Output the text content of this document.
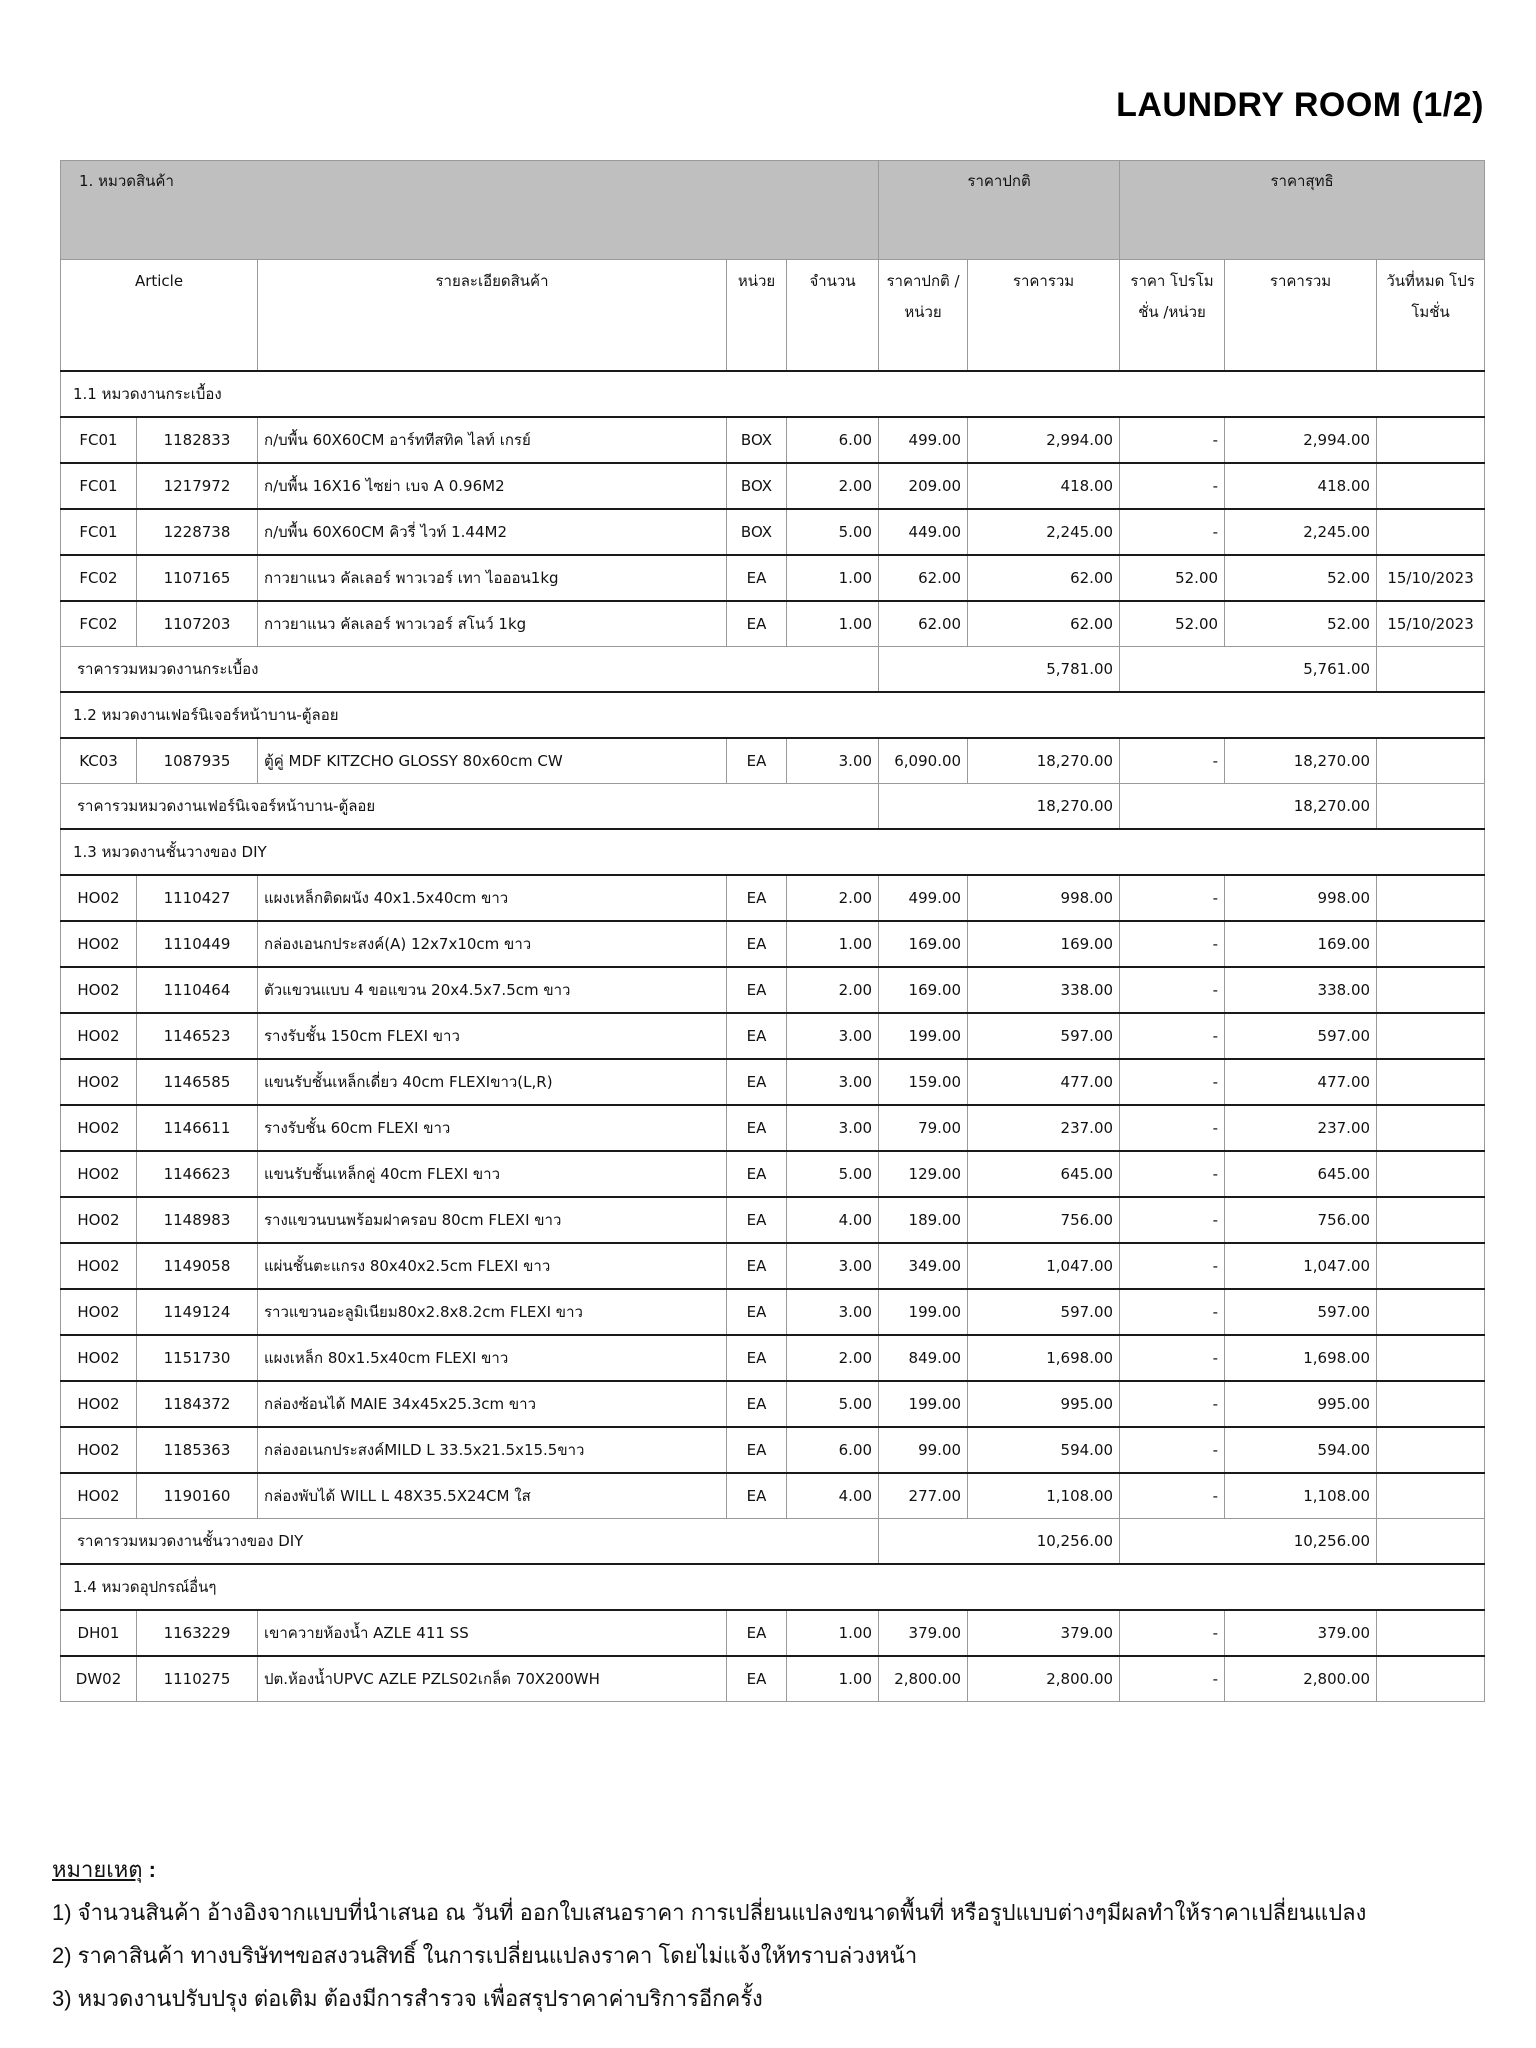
LAUNDRY ROOM (1/2)
1. หมวดสินค้า					ราคาปกติ		ราคาสุทธิ		
Article		รายละเอียดสินค้า	หน่วย	จำนวน	ราคาปกติ /หน่วย	ราคารวม	ราคา โปรโมชั่น /หน่วย	ราคารวม	วันที่หมด โปรโมชั่น
1.1 หมวดงานกระเบื้อง									
FC01	1182833	ก/บพื้น 60X60CM อาร์ททีสทิค ไลท์ เกรย์	BOX	6.00	499.00	2,994.00	-	2,994.00	
FC01	1217972	ก/บพื้น 16X16 ไซย่า เบจ A 0.96M2	BOX	2.00	209.00	418.00	-	418.00	
FC01	1228738	ก/บพื้น 60X60CM คิวรี่ ไวท์ 1.44M2	BOX	5.00	449.00	2,245.00	-	2,245.00	
FC02	1107165	กาวยาแนว คัลเลอร์ พาวเวอร์ เทา ไอออน1kg	EA	1.00	62.00	62.00	52.00	52.00	15/10/2023
FC02	1107203	กาวยาแนว คัลเลอร์ พาวเวอร์ สโนว์ 1kg	EA	1.00	62.00	62.00	52.00	52.00	15/10/2023
ราคารวมหมวดงานกระเบื้อง					5,781.00		5,761.00		
1.2 หมวดงานเฟอร์นิเจอร์หน้าบาน-ตู้ลอย									
KC03	1087935	ตู้คู่ MDF KITZCHO GLOSSY 80x60cm CW	EA	3.00	6,090.00	18,270.00	-	18,270.00	
ราคารวมหมวดงานเฟอร์นิเจอร์หน้าบาน-ตู้ลอย					18,270.00		18,270.00		
1.3 หมวดงานชั้นวางของ DIY									
HO02	1110427	แผงเหล็กติดผนัง 40x1.5x40cm ขาว	EA	2.00	499.00	998.00	-	998.00	
HO02	1110449	กล่องเอนกประสงค์(A) 12x7x10cm ขาว	EA	1.00	169.00	169.00	-	169.00	
HO02	1110464	ตัวแขวนแบบ 4 ขอแขวน 20x4.5x7.5cm ขาว	EA	2.00	169.00	338.00	-	338.00	
HO02	1146523	รางรับชั้น 150cm FLEXI ขาว	EA	3.00	199.00	597.00	-	597.00	
HO02	1146585	แขนรับชั้นเหล็กเดี่ยว 40cm FLEXIขาว(L,R)	EA	3.00	159.00	477.00	-	477.00	
HO02	1146611	รางรับชั้น 60cm FLEXI ขาว	EA	3.00	79.00	237.00	-	237.00	
HO02	1146623	แขนรับชั้นเหล็กคู่ 40cm FLEXI ขาว	EA	5.00	129.00	645.00	-	645.00	
HO02	1148983	รางแขวนบนพร้อมฝาครอบ 80cm FLEXI ขาว	EA	4.00	189.00	756.00	-	756.00	
HO02	1149058	แผ่นชั้นตะแกรง 80x40x2.5cm FLEXI ขาว	EA	3.00	349.00	1,047.00	-	1,047.00	
HO02	1149124	ราวแขวนอะลูมิเนียม80x2.8x8.2cm FLEXI ขาว	EA	3.00	199.00	597.00	-	597.00	
HO02	1151730	แผงเหล็ก 80x1.5x40cm FLEXI ขาว	EA	2.00	849.00	1,698.00	-	1,698.00	
HO02	1184372	กล่องซ้อนได้ MAIE 34x45x25.3cm ขาว	EA	5.00	199.00	995.00	-	995.00	
HO02	1185363	กล่องอเนกประสงค์MILD L 33.5x21.5x15.5ขาว	EA	6.00	99.00	594.00	-	594.00	
HO02	1190160	กล่องพับได้ WILL L 48X35.5X24CM ใส	EA	4.00	277.00	1,108.00	-	1,108.00	
ราคารวมหมวดงานชั้นวางของ DIY					10,256.00		10,256.00		
1.4 หมวดอุปกรณ์อื่นๆ									
DH01	1163229	เขาควายห้องน้ำ AZLE 411 SS	EA	1.00	379.00	379.00	-	379.00	
DW02	1110275	ปต.ห้องน้ำUPVC AZLE PZLS02เกล็ด 70X200WH	EA	1.00	2,800.00	2,800.00	-	2,800.00	
หมายเหตุ :
1) จำนวนสินค้า อ้างอิงจากแบบที่นำเสนอ ณ วันที่ ออกใบเสนอราคา การเปลี่ยนแปลงขนาดพื้นที่ หรือรูปแบบต่างๆมีผลทำให้ราคาเปลี่ยนแปลง
2) ราคาสินค้า ทางบริษัทฯขอสงวนสิทธิ์ ในการเปลี่ยนแปลงราคา โดยไม่แจ้งให้ทราบล่วงหน้า
3) หมวดงานปรับปรุง ต่อเติม ต้องมีการสำรวจ เพื่อสรุปราคาค่าบริการอีกครั้ง
